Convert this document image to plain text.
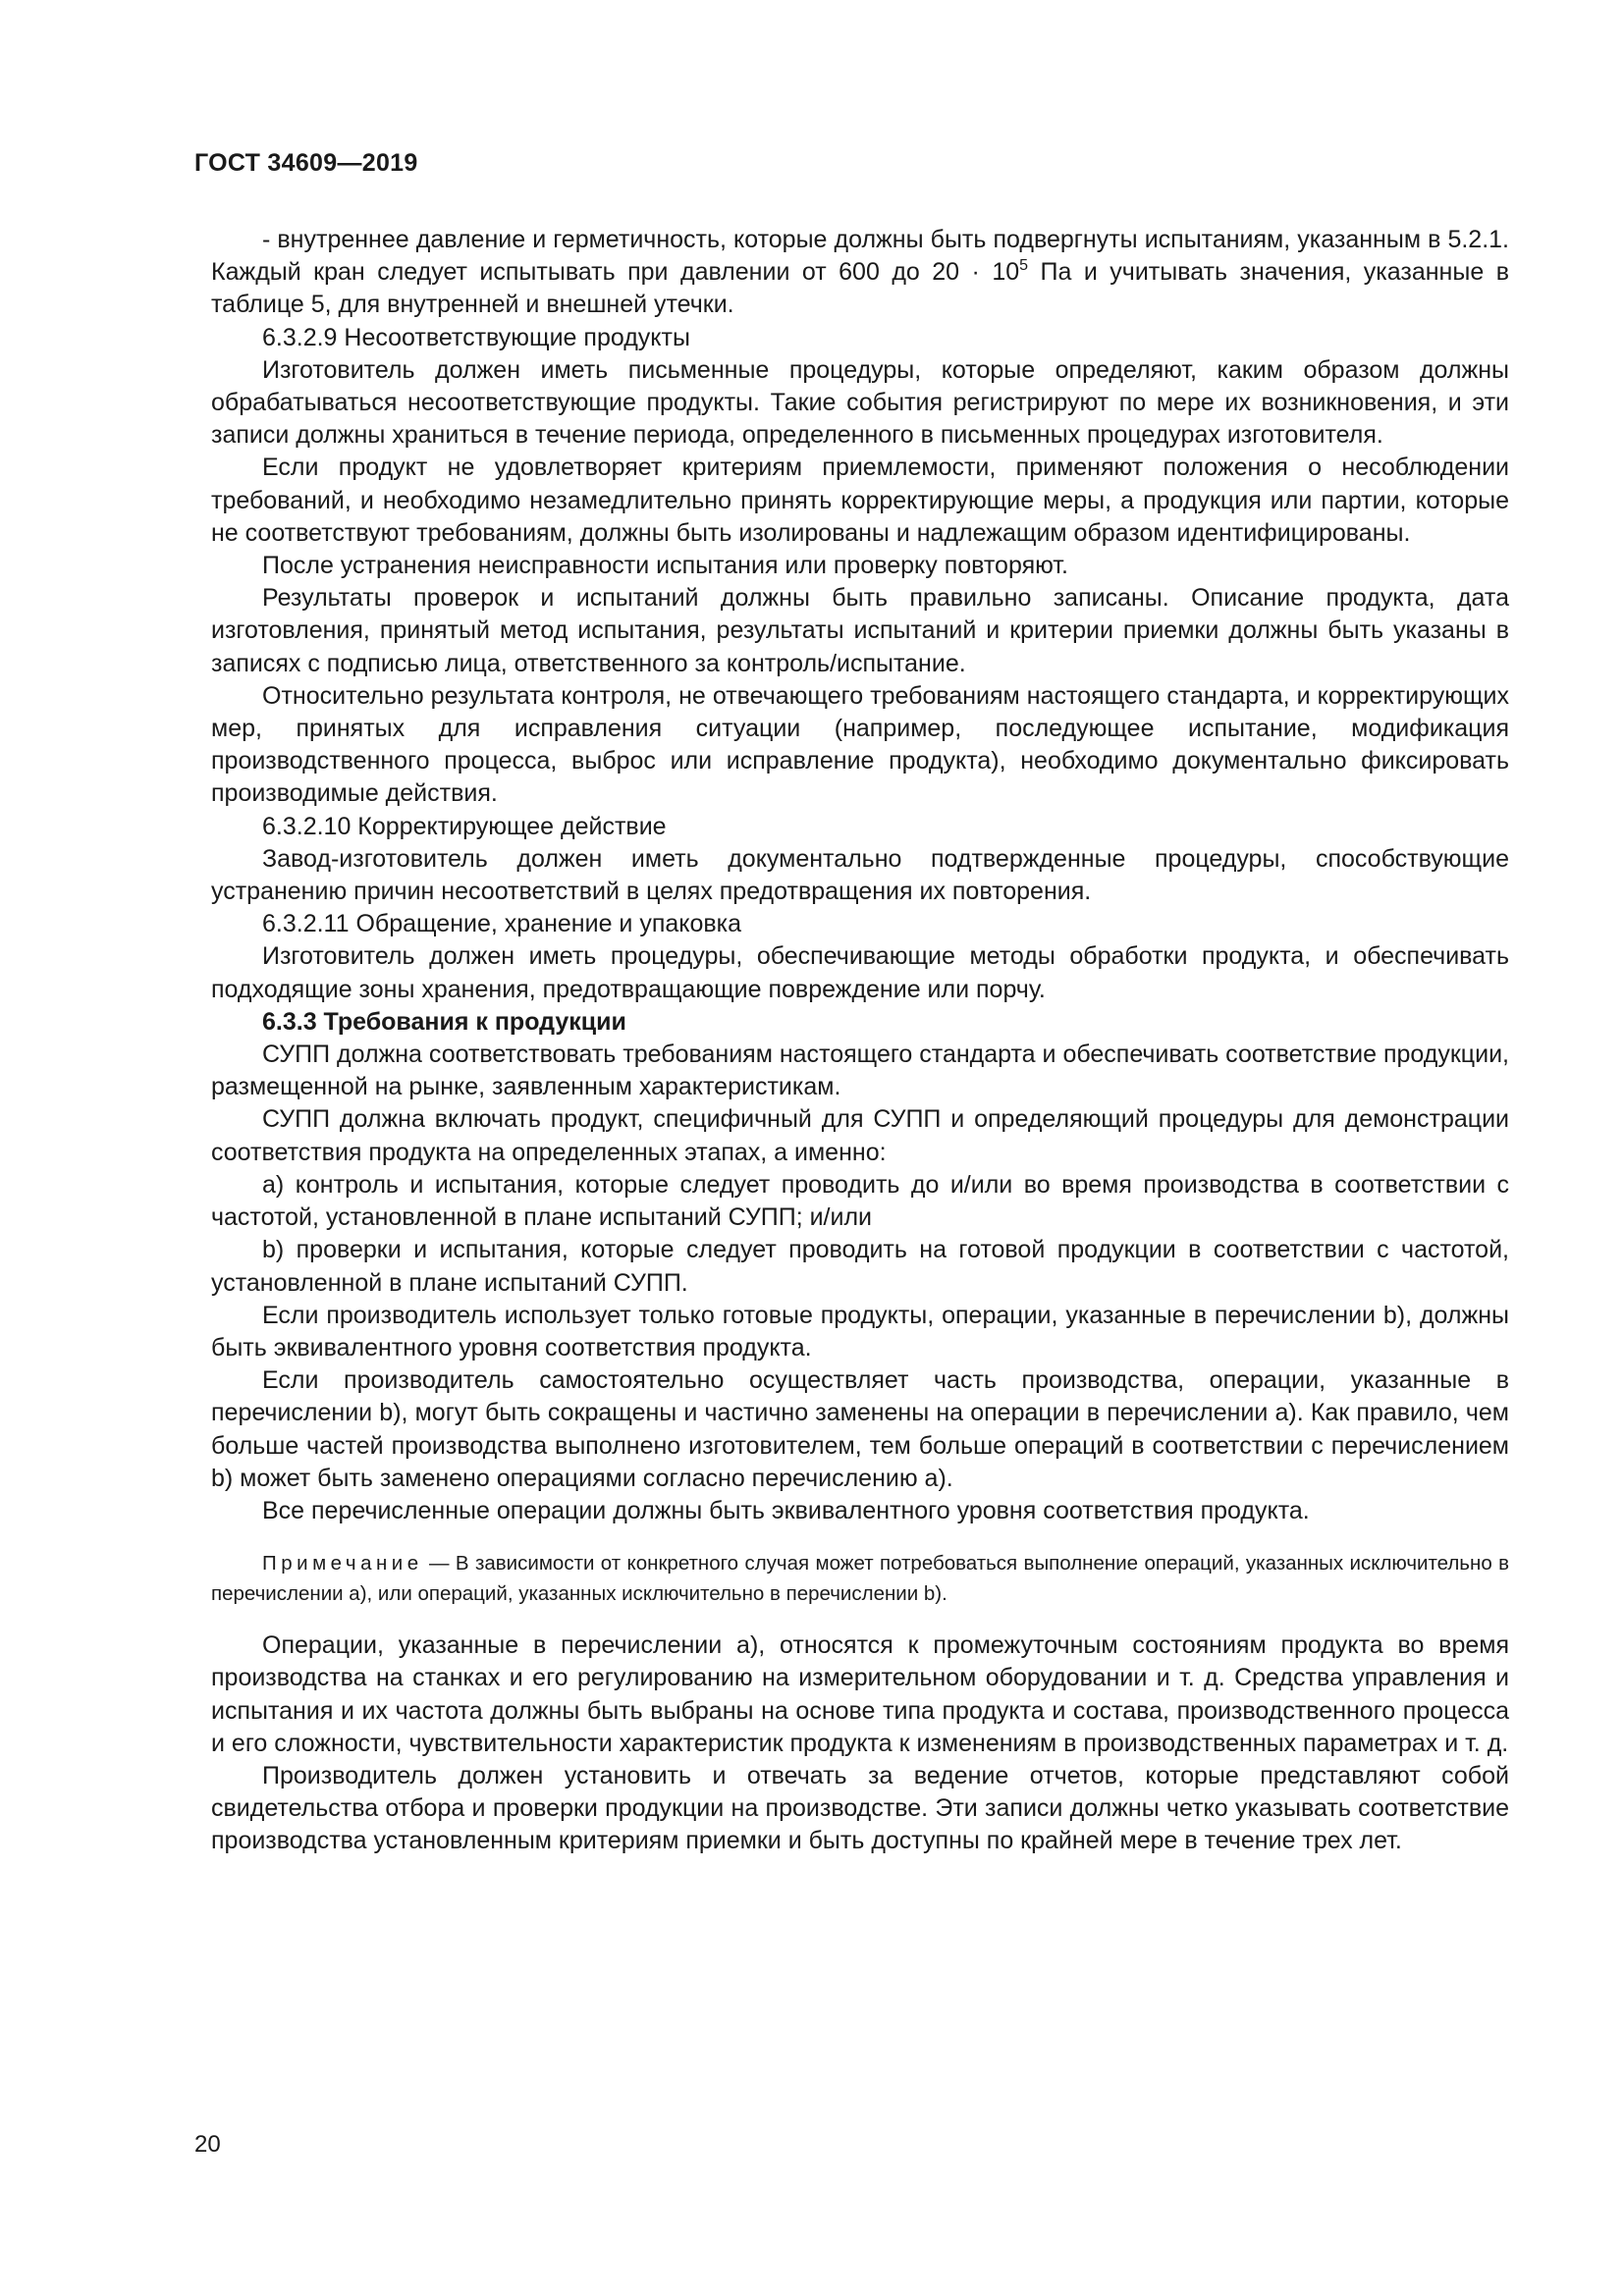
ГОСТ 34609—2019

- внутреннее давление и герметичность, которые должны быть подвергнуты испытаниям, указанным в 5.2.1. Каждый кран следует испытывать при давлении от 600 до $20 \cdot 10^5$ Па и учитывать значения, указанные в таблице 5, для внутренней и внешней утечки.

6.3.2.9 Несоответствующие продукты

Изготовитель должен иметь письменные процедуры, которые определяют, каким образом должны обрабатываться несоответствующие продукты. Такие события регистрируют по мере их возникновения, и эти записи должны храниться в течение периода, определенного в письменных процедурах изготовителя.

Если продукт не удовлетворяет критериям приемлемости, применяют положения о несоблюдении требований, и необходимо незамедлительно принять корректирующие меры, а продукция или партии, которые не соответствуют требованиям, должны быть изолированы и надлежащим образом идентифицированы.

После устранения неисправности испытания или проверку повторяют.

Результаты проверок и испытаний должны быть правильно записаны. Описание продукта, дата изготовления, принятый метод испытания, результаты испытаний и критерии приемки должны быть указаны в записях с подписью лица, ответственного за контроль/испытание.

Относительно результата контроля, не отвечающего требованиям настоящего стандарта, и корректирующих мер, принятых для исправления ситуации (например, последующее испытание, модификация производственного процесса, выброс или исправление продукта), необходимо документально фиксировать производимые действия.

6.3.2.10 Корректирующее действие

Завод-изготовитель должен иметь документально подтвержденные процедуры, способствующие устранению причин несоответствий в целях предотвращения их повторения.

6.3.2.11 Обращение, хранение и упаковка

Изготовитель должен иметь процедуры, обеспечивающие методы обработки продукта, и обеспечивать подходящие зоны хранения, предотвращающие повреждение или порчу.

6.3.3 Требования к продукции

СУПП должна соответствовать требованиям настоящего стандарта и обеспечивать соответствие продукции, размещенной на рынке, заявленным характеристикам.

СУПП должна включать продукт, специфичный для СУПП и определяющий процедуры для демонстрации соответствия продукта на определенных этапах, а именно:

a) контроль и испытания, которые следует проводить до и/или во время производства в соответствии с частотой, установленной в плане испытаний СУПП; и/или

b) проверки и испытания, которые следует проводить на готовой продукции в соответствии с частотой, установленной в плане испытаний СУПП.

Если производитель использует только готовые продукты, операции, указанные в перечислении b), должны быть эквивалентного уровня соответствия продукта.

Если производитель самостоятельно осуществляет часть производства, операции, указанные в перечислении b), могут быть сокращены и частично заменены на операции в перечислении a). Как правило, чем больше частей производства выполнено изготовителем, тем больше операций в соответствии с перечислением b) может быть заменено операциями согласно перечислению a).

Все перечисленные операции должны быть эквивалентного уровня соответствия продукта.

Примечание — В зависимости от конкретного случая может потребоваться выполнение операций, указанных исключительно в перечислении a), или операций, указанных исключительно в перечислении b).

Операции, указанные в перечислении a), относятся к промежуточным состояниям продукта во время производства на станках и его регулированию на измерительном оборудовании и т. д. Средства управления и испытания и их частота должны быть выбраны на основе типа продукта и состава, производственного процесса и его сложности, чувствительности характеристик продукта к изменениям в производственных параметрах и т. д.

Производитель должен установить и отвечать за ведение отчетов, которые представляют собой свидетельства отбора и проверки продукции на производстве. Эти записи должны четко указывать соответствие производства установленным критериям приемки и быть доступны по крайней мере в течение трех лет.

20
